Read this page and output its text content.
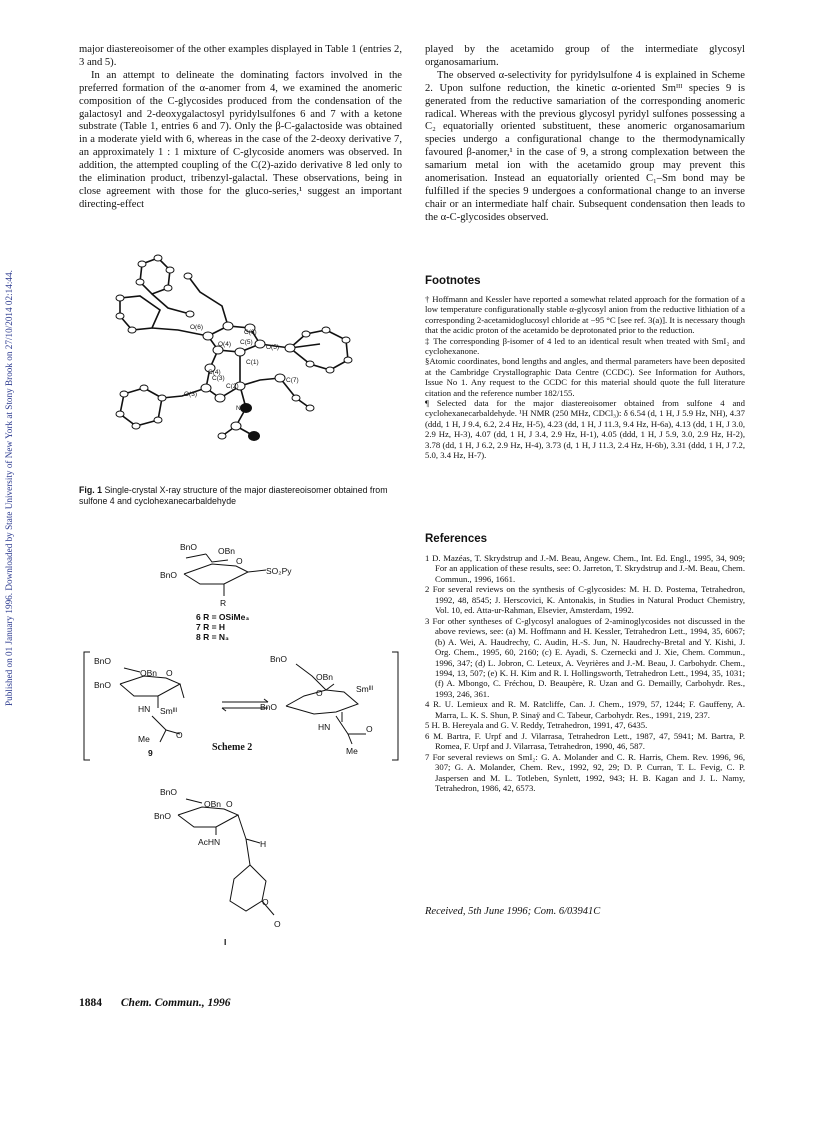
Published on 01 January 1996. Downloaded by State University of New York at Stony Brook on 27/10/2014 02:14:44.

major diastereoisomer of the other examples displayed in Table 1 (entries 2, 3 and 5).

In an attempt to delineate the dominating factors involved in the preferred formation of the α-anomer from 4, we examined the anomeric composition of the C-glycosides produced from the condensation of the galactosyl and 2-deoxygalactosyl pyridylsulfones 6 and 7 with a ketone substrate (Table 1, entries 6 and 7). Only the β-C-galactoside was obtained in a moderate yield with 6, whereas in the case of the 2-deoxy derivative 7, an approximately 1 : 1 mixture of C-glycoside anomers was observed. In addition, the attempted coupling of the C(2)-azido derivative 8 led only to the elimination product, tribenzyl-galactal. These observations, being in close agreement with those for the gluco-series,¹ suggest an important directing-effect

played by the acetamido group of the intermediate glycosyl organosamarium.

The observed α-selectivity for pyridylsulfone 4 is explained in Scheme 2. Upon sulfone reduction, the kinetic α-oriented Smᴵᴵᴵ species 9 is generated from the reductive samariation of the corresponding anomeric radical. Whereas with the previous glycosyl pyridyl sulfones possessing a C₂ equatorially oriented substituent, these anomeric organosamarium species undergo a configurational change to the thermodynamically favoured β-anomer,¹ in the case of 9, a strong complexation between the samarium metal ion with the acetamido group may prevent this anomerisation. Instead an equatorially oriented C₁–Sm bond may be fulfilled if the species 9 undergoes a conformational change to an inverse chair or an intermediate half chair. Subsequent condensation then leads to the α-C-glycosides observed.

O(6)
C(6)
C(5)
O(5)
O(4)
C(4)
C(1)
C(3)
C(2)
O(3)
C(7)
N(2)
Fig. 1 Single-crystal X-ray structure of the major diastereoisomer obtained from sulfone 4 and cyclohexanecarbaldehyde
BnO OBn
BnO
O
SO₂Py
R
6 R = OSiMe₃
7 R = H
8 R = N₃
BnO
OBn
BnO
O
HN Smᴵᴵᴵ
Me	O
9
BnO
OBn
BnO
O	Smᴵᴵᴵ
HN	O
Me
Scheme 2
BnO
OBn
BnO
O
AcHN	H
O
O
I
Footnotes

† Hoffmann and Kessler have reported a somewhat related approach for the formation of a low temperature configurationally stable α-glycosyl anion from the reductive lithiation of a corresponding 2-acetamidoglucosyl chloride at −95 °C [see ref. 3(a)]. It is necessary though that the acidic proton of the acetamido be deprotonated prior to the reduction.

‡ The corresponding β-isomer of 4 led to an identical result when treated with SmI₂ and cyclohexanone.

§Atomic coordinates, bond lengths and angles, and thermal parameters have been deposited at the Cambridge Crystallographic Data Centre (CCDC). See Information for Authors, Issue No 1. Any request to the CCDC for this material should quote the full literature citation and the reference number 182/155.

¶ Selected data for the major diastereoisomer obtained from sulfone 4 and cyclohexanecarbaldehyde. ¹H NMR (250 MHz, CDCl₃): δ 6.54 (d, 1 H, J 5.9 Hz, NH), 4.37 (ddd, 1 H, J 9.4, 6.2, 2.4 Hz, H-5), 4.23 (dd, 1 H, J 11.3, 9.4 Hz, H-6a), 4.13 (dd, 1 H, J 3.0, 2.9 Hz, H-3), 4.07 (dd, 1 H, J 3.4, 2.9 Hz, H-1), 4.05 (ddd, 1 H, J 5.9, 3.0, 2.9 Hz, H-2), 3.78 (dd, 1 H, J 6.2, 2.9 Hz, H-4), 3.73 (d, 1 H, J 11.3, 2.4 Hz, H-6b), 3.31 (ddd, 1 H, J 7.2, 5.0, 3.4 Hz, H-7).

References
1 D. Mazéas, T. Skrydstrup and J.-M. Beau, Angew. Chem., Int. Ed. Engl., 1995, 34, 909; For an application of these results, see: O. Jarreton, T. Skrydstrup and J.-M. Beau, Chem. Commun., 1996, 1661.
2 For several reviews on the synthesis of C-glycosides: M. H. D. Postema, Tetrahedron, 1992, 48, 8545; J. Herscovici, K. Antonakis, in Studies in Natural Product Chemistry, Vol. 10, ed. Atta-ur-Rahman, Elsevier, Amsterdam, 1992.
3 For other syntheses of C-glycosyl analogues of 2-aminoglycosides not discussed in the above reviews, see: (a) M. Hoffmann and H. Kessler, Tetrahedron Lett., 1994, 35, 6067; (b) A. Wei, A. Haudrechy, C. Audin, H.-S. Jun, N. Haudrechy-Bretal and Y. Kishi, J. Org. Chem., 1995, 60, 2160; (c) E. Ayadi, S. Czernecki and J. Xie, Chem. Commun., 1996, 347; (d) L. Jobron, C. Leteux, A. Veyrières and J.-M. Beau, J. Carbohydr. Chem., 1994, 13, 507; (e) K. H. Kim and R. I. Hollingsworth, Tetrahedron Lett., 1994, 35, 1031; (f) A. Mbongo, C. Fréchou, D. Beaupère, R. Uzan and G. Demailly, Carbohydr. Res., 1993, 246, 361.
4 R. U. Lemieux and R. M. Ratcliffe, Can. J. Chem., 1979, 57, 1244; F. Gauffeny, A. Marra, L. K. S. Shun, P. Sinaÿ and C. Tabeur, Carbohydr. Res., 1991, 219, 237.
5 H. B. Hereyala and G. V. Reddy, Tetrahedron, 1991, 47, 6435.
6 M. Bartra, F. Urpf and J. Vilarrasa, Tetrahedron Lett., 1987, 47, 5941; M. Bartra, P. Romea, F. Urpf and J. Vilarrasa, Tetrahedron, 1990, 46, 587.
7 For several reviews on SmI₂: G. A. Molander and C. R. Harris, Chem. Rev. 1996, 96, 307; G. A. Molander, Chem. Rev., 1992, 92, 29; D. P. Curran, T. L. Fevig, C. P. Jaspersen and M. L. Totleben, Synlett, 1992, 943; H. B. Kagan and J. L. Namy, Tetrahedron, 1986, 42, 6573.
Received, 5th June 1996; Com. 6/03941C
1884 Chem. Commun., 1996
